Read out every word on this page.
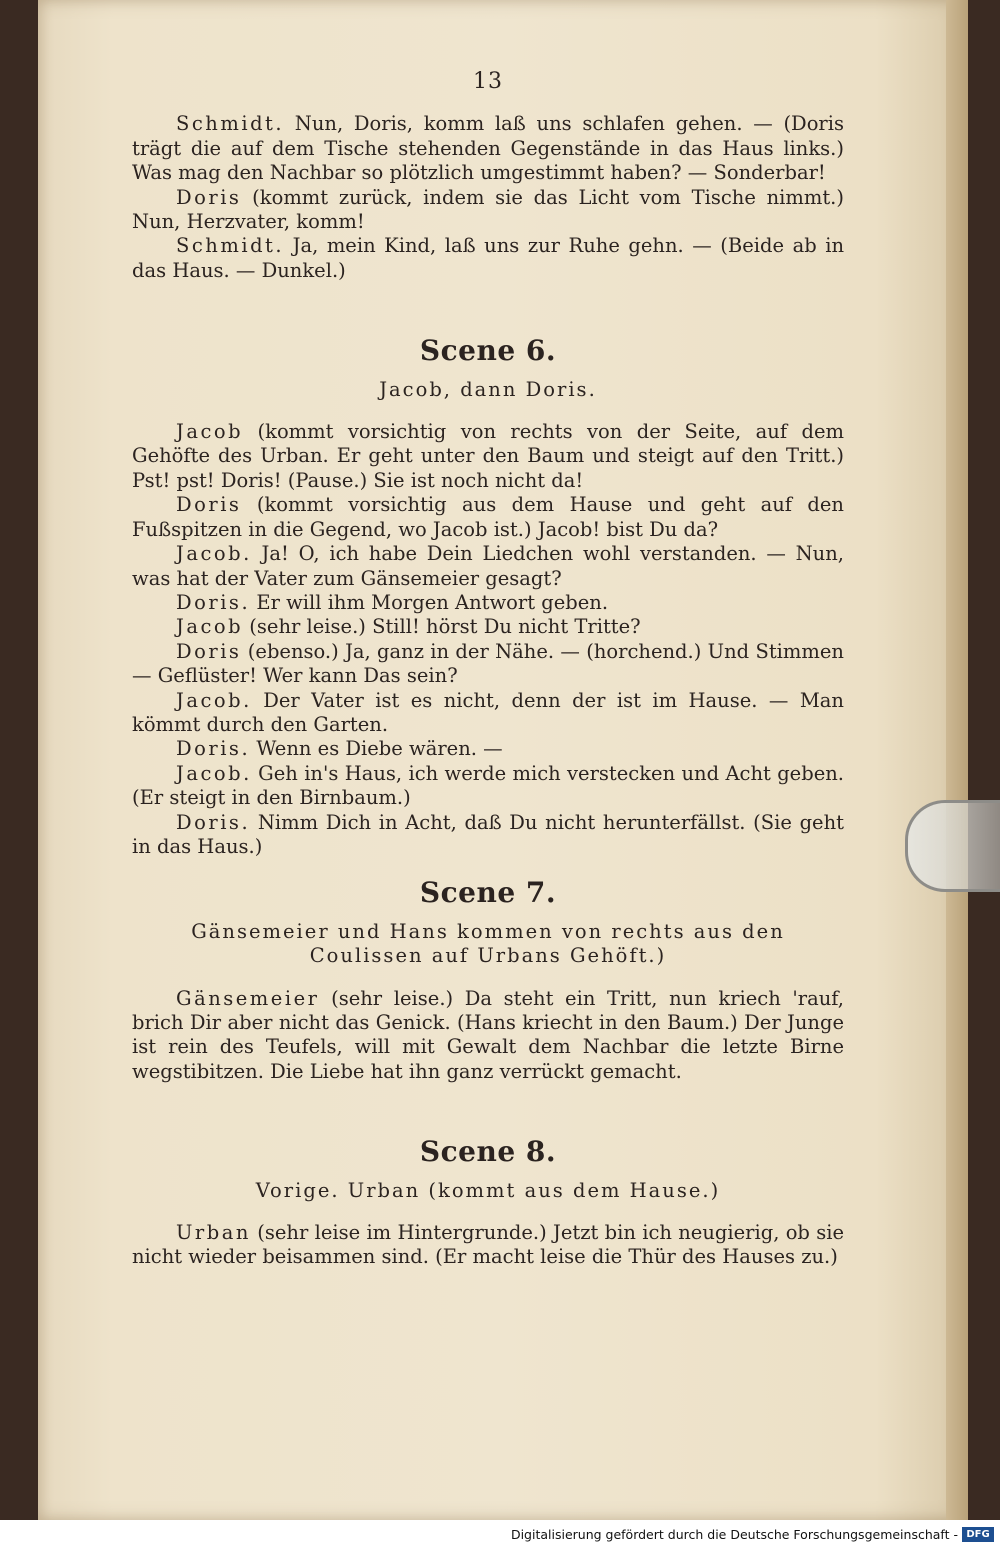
13

Schmidt. Nun, Doris, komm laß uns schlafen gehen. — (Doris trägt die auf dem Tische stehenden Gegenstände in das Haus links.) Was mag den Nachbar so plötzlich umgestimmt haben? — Sonderbar!

Doris (kommt zurück, indem sie das Licht vom Tische nimmt.) Nun, Herzvater, komm!

Schmidt. Ja, mein Kind, laß uns zur Ruhe gehn. — (Beide ab in das Haus. — Dunkel.)

Scene 6.
Jacob, dann Doris.

Jacob (kommt vorsichtig von rechts von der Seite, auf dem Gehöfte des Urban. Er geht unter den Baum und steigt auf den Tritt.) Pst! pst! Doris! (Pause.) Sie ist noch nicht da!

Doris (kommt vorsichtig aus dem Hause und geht auf den Fußspitzen in die Gegend, wo Jacob ist.) Jacob! bist Du da?

Jacob. Ja! O, ich habe Dein Liedchen wohl verstanden. — Nun, was hat der Vater zum Gänsemeier gesagt?

Doris. Er will ihm Morgen Antwort geben.

Jacob (sehr leise.) Still! hörst Du nicht Tritte?

Doris (ebenso.) Ja, ganz in der Nähe. — (horchend.) Und Stimmen — Geflüster! Wer kann Das sein?

Jacob. Der Vater ist es nicht, denn der ist im Hause. — Man kömmt durch den Garten.

Doris. Wenn es Diebe wären. —

Jacob. Geh in's Haus, ich werde mich verstecken und Acht geben. (Er steigt in den Birnbaum.)

Doris. Nimm Dich in Acht, daß Du nicht herunterfällst. (Sie geht in das Haus.)

Scene 7.
Gänsemeier und Hans kommen von rechts aus den Coulissen auf Urbans Gehöft.)

Gänsemeier (sehr leise.) Da steht ein Tritt, nun kriech 'rauf, brich Dir aber nicht das Genick. (Hans kriecht in den Baum.) Der Junge ist rein des Teufels, will mit Gewalt dem Nachbar die letzte Birne wegstibitzen. Die Liebe hat ihn ganz verrückt gemacht.

Scene 8.
Vorige. Urban (kommt aus dem Hause.)

Urban (sehr leise im Hintergrunde.) Jetzt bin ich neugierig, ob sie nicht wieder beisammen sind. (Er macht leise die Thür des Hauses zu.)

Digitalisierung gefördert durch die Deutsche Forschungsgemeinschaft - DFG
